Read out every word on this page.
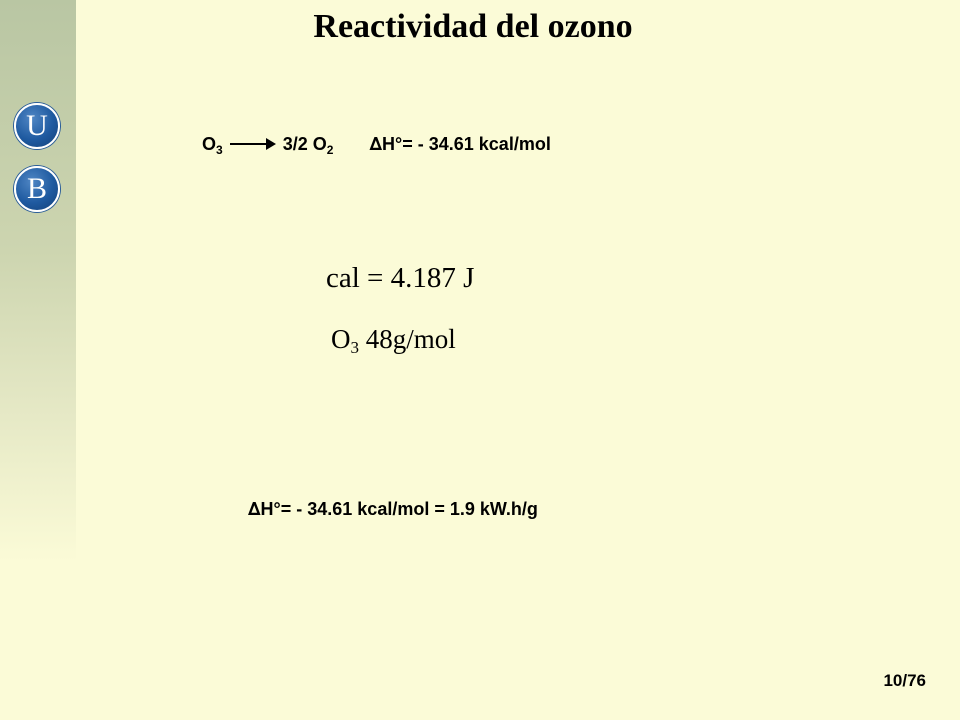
U
B
Reactividad del ozono
$O_3 \to 3/2$ $O_2$ ∆H°= - 34.61 kcal/mol
cal = 4.187 J
$O_3$ 48g/mol
∆H°= - 34.61 kcal/mol = 1.9 kW.h/g
10/76
